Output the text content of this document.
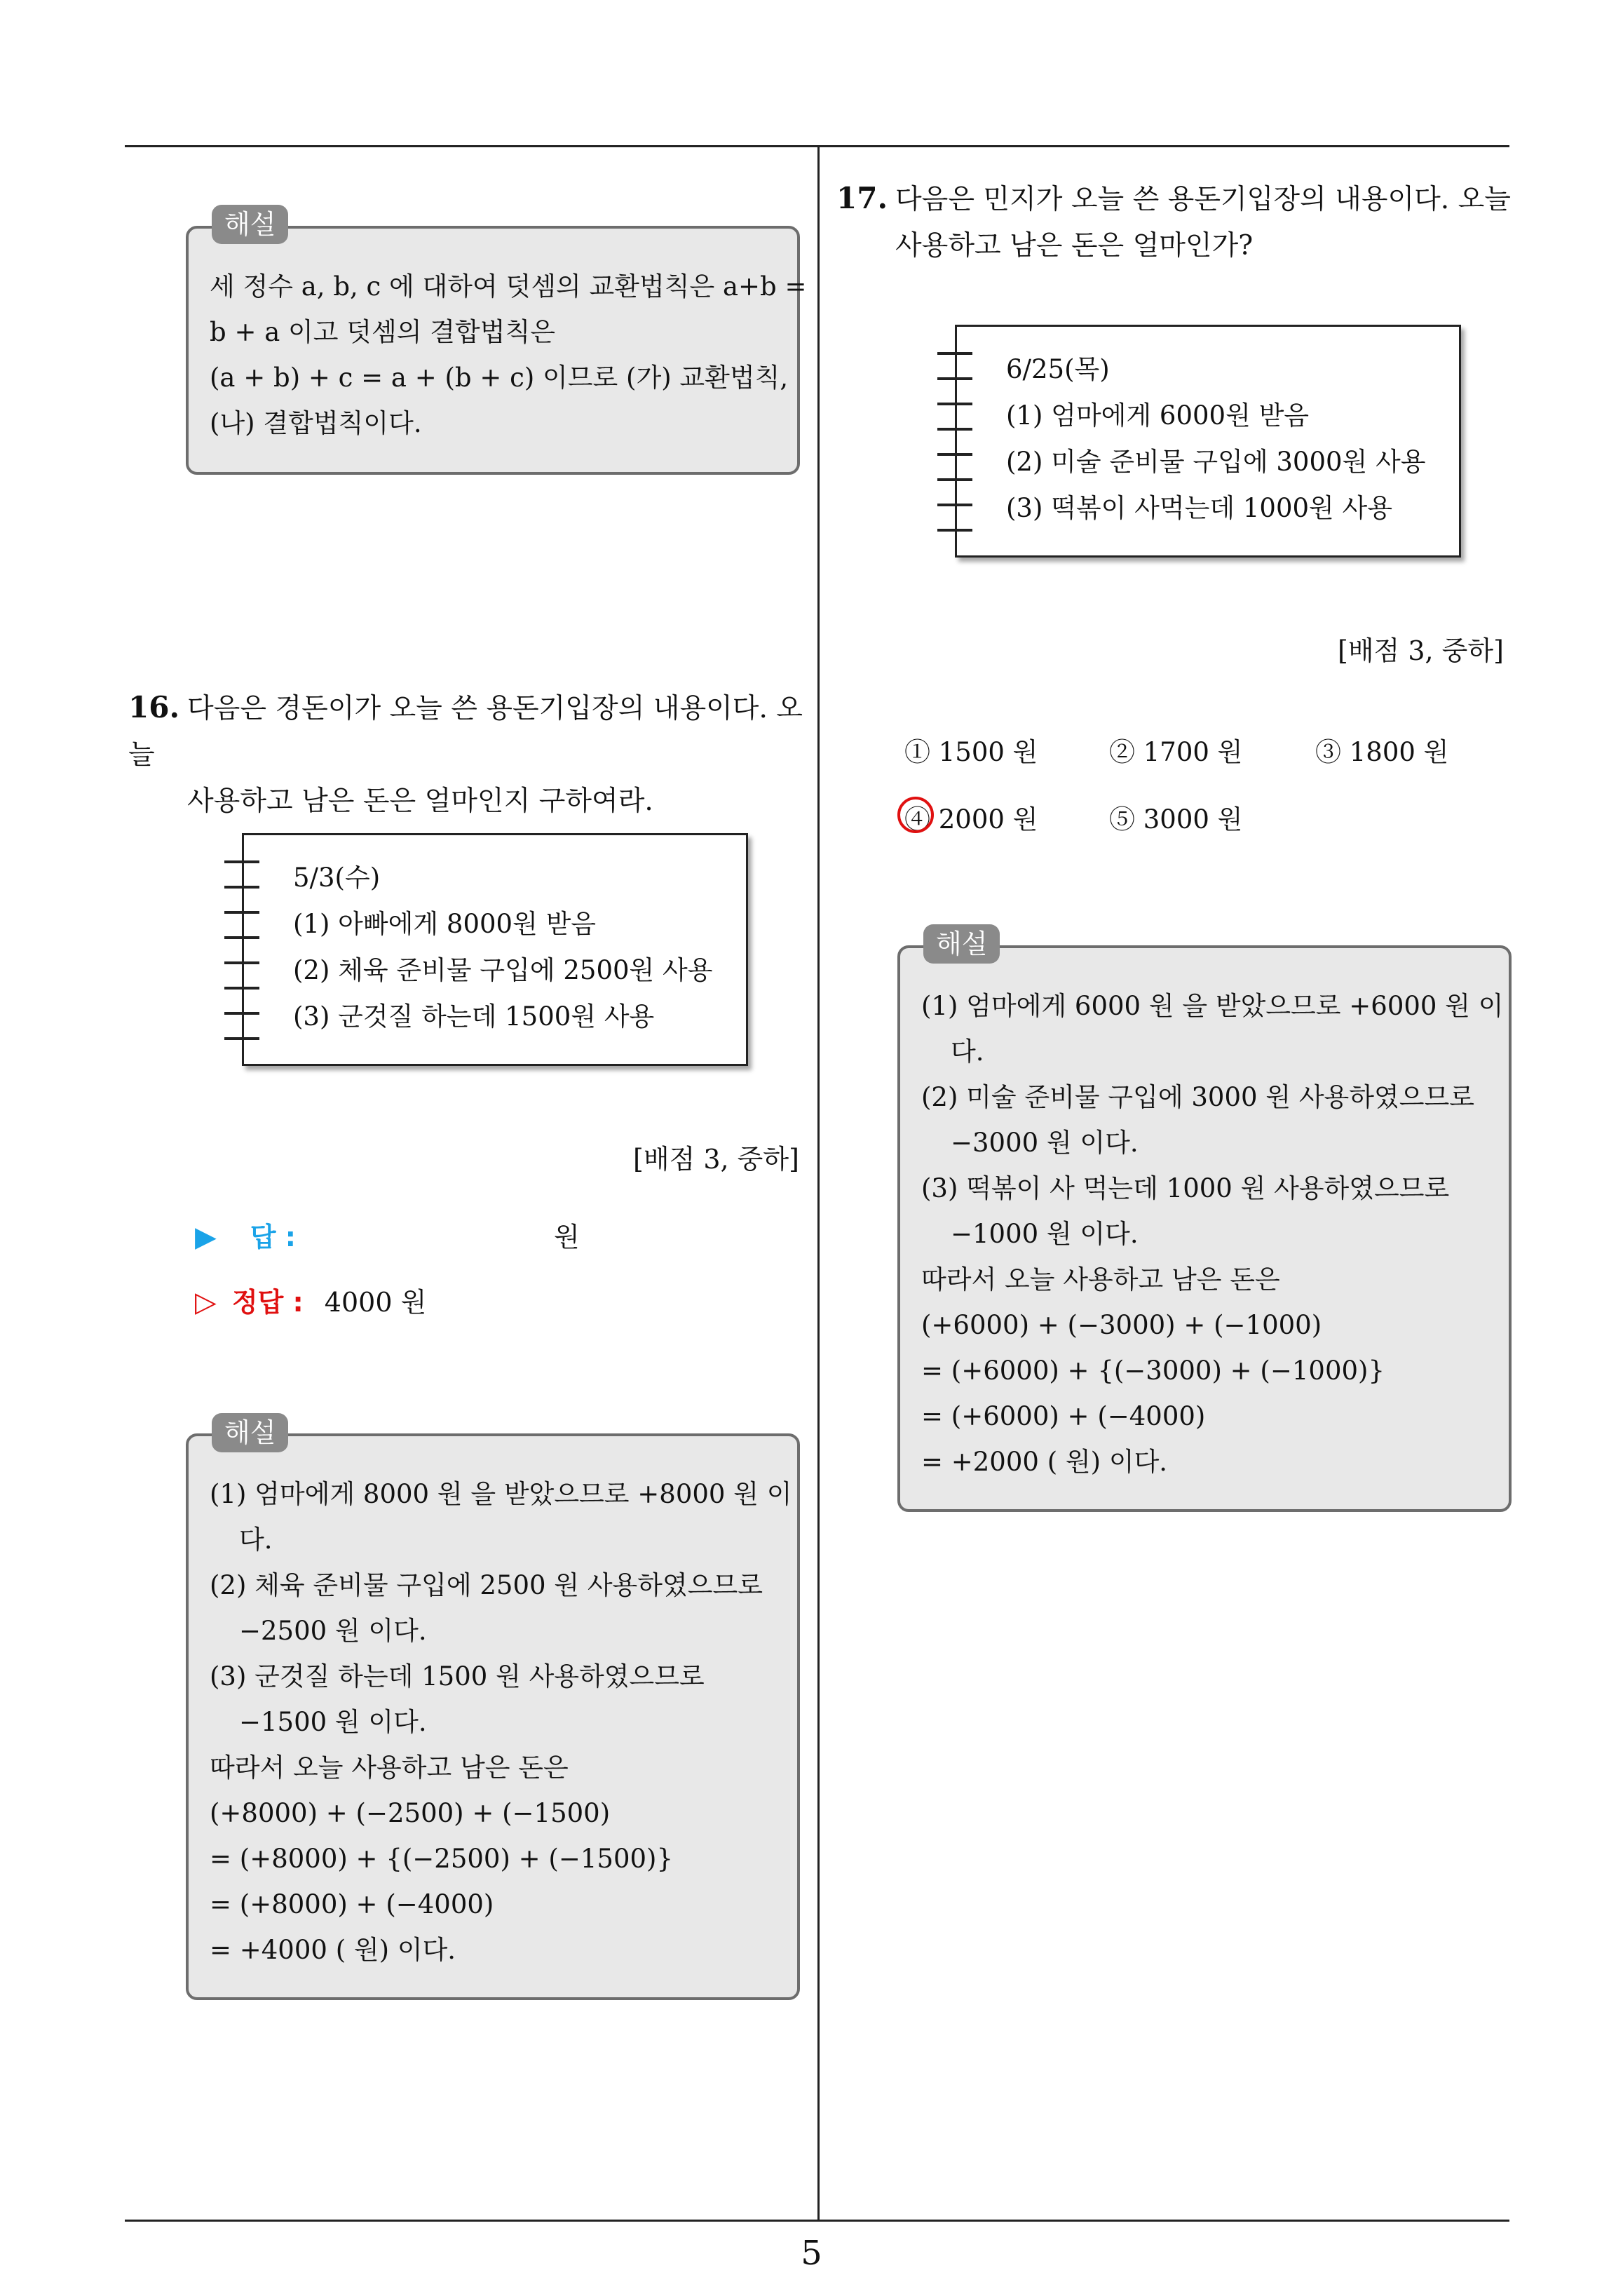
세 정수 a, b, c 에 대하여 덧셈의 교환법칙은 a+b =
b + a 이고 덧셈의 결합법칙은
(a + b) + c = a + (b + c) 이므로 (가) 교환법칙,
(나) 결합법칙이다.
해설
16. 다음은 경돈이가 오늘 쓴 용돈기입장의 내용이다. 오늘
사용하고 남은 돈은 얼마인지 구하여라.
5/3(수)
(1) 아빠에게 8000원 받음
(2) 체육 준비물 구입에 2500원 사용
(3) 군것질 하는데 1500원 사용
[배점 3, 중하]
▶ 답 :	원
▷ 정답 : 4000 원
(1) 엄마에게 8000 원 을 받았으므로 +8000 원 이
다.
(2) 체육 준비물 구입에 2500 원 사용하였으므로
−2500 원 이다.
(3) 군것질 하는데 1500 원 사용하였으므로
−1500 원 이다.
따라서 오늘 사용하고 남은 돈은
(+8000) + (−2500) + (−1500)
= (+8000) + {(−2500) + (−1500)}
= (+8000) + (−4000)
= +4000 ( 원) 이다.
해설
17. 다음은 민지가 오늘 쓴 용돈기입장의 내용이다. 오늘
사용하고 남은 돈은 얼마인가?
6/25(목)
(1) 엄마에게 6000원 받음
(2) 미술 준비물 구입에 3000원 사용
(3) 떡볶이 사먹는데 1000원 사용
[배점 3, 중하]
① 1500 원	② 1700 원	③ 1800 원
④ 2000 원	⑤ 3000 원
(1) 엄마에게 6000 원 을 받았으므로 +6000 원 이
다.
(2) 미술 준비물 구입에 3000 원 사용하였으므로
−3000 원 이다.
(3) 떡볶이 사 먹는데 1000 원 사용하였으므로
−1000 원 이다.
따라서 오늘 사용하고 남은 돈은
(+6000) + (−3000) + (−1000)
= (+6000) + {(−3000) + (−1000)}
= (+6000) + (−4000)
= +2000 ( 원) 이다.
해설
5
